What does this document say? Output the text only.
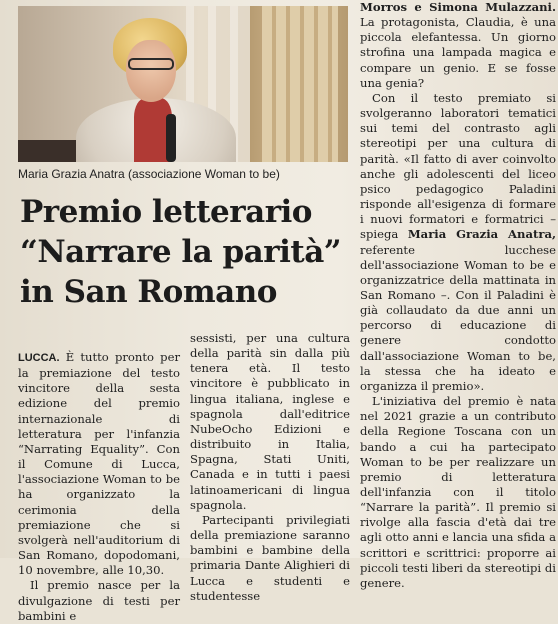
Maria Grazia Anatra (associazione Woman to be)
Premio letterario
“Narrare la parità”
in San Romano

LUCCA. È tutto pronto per la premiazione del testo vincitore della sesta edizione del premio internazionale di letteratura per l'infanzia “Narrating Equality”. Con il Comune di Lucca, l'associazione Woman to be ha organizzato la cerimonia della premiazione che si svolgerà nell'auditorium di San Romano, dopodomani, 10 novembre, alle 10,30.

Il premio nasce per la divulgazione di testi per bambini e

sessisti, per una cultura della parità sin dalla più tenera età. Il testo vincitore è pubblicato in lingua italiana, inglese e spagnola dall'editrice NubeOcho Edizioni e distribuito in Italia, Spagna, Stati Uniti, Canada e in tutti i paesi latinoamericani di lingua spagnola.

Partecipanti privilegiati della premiazione saranno bambini e bambine della primaria Dante Alighieri di Lucca e studenti e studentesse

Morros e Simona Mulazzani. La protagonista, Claudia, è una piccola elefantessa. Un giorno strofina una lampada magica e compare un genio. E se fosse una genia?

Con il testo premiato si svolgeranno laboratori tematici sui temi del contrasto agli stereotipi per una cultura di parità. «Il fatto di aver coinvolto anche gli adolescenti del liceo psico pedagogico Paladini risponde all'esigenza di formare i nuovi formatori e formatrici – spiega Maria Grazia Anatra, referente lucchese dell'associazione Woman to be e organizzatrice della mattinata in San Romano –. Con il Paladini è già collaudato da due anni un percorso di educazione di genere condotto dall'associazione Woman to be, la stessa che ha ideato e organizza il premio».

L'iniziativa del premio è nata nel 2021 grazie a un contributo della Regione Toscana con un bando a cui ha partecipato Woman to be per realizzare un premio di letteratura dell'infanzia con il titolo “Narrare la parità”. Il premio si rivolge alla fascia d'età dai tre agli otto anni e lancia una sfida a scrittori e scrittrici: proporre ai piccoli testi liberi da stereotipi di genere.
